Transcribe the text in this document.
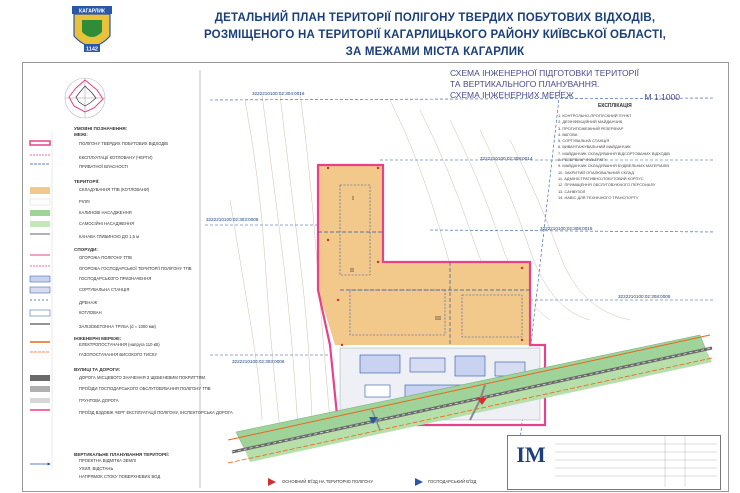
КАГАРЛИК
1142
ДЕТАЛЬНИЙ ПЛАН ТЕРИТОРІЇ ПОЛІГОНУ ТВЕРДИХ ПОБУТОВИХ ВІДХОДІВ,
РОЗМІЩЕНОГО НА ТЕРИТОРІЇ КАГАРЛИЦЬКОГО РАЙОНУ КИЇВСЬКОЇ ОБЛАСТІ,
ЗА МЕЖАМИ МІСТА КАГАРЛИК
I
II
III
3222210100:02:304:0016
3222210100:02:308:0014
3222210100:02:303:0008
3222210100:02:308:0015
3222210100:02:308:0005
3222210100:02:303:0006
СХЕМА ІНЖЕНЕРНОЇ ПІДГОТОВКИ ТЕРИТОРІЇ
ТА ВЕРТИКАЛЬНОГО ПЛАНУВАННЯ.
СХЕМА ІНЖЕНЕРНИХ МЕРЕЖ	М 1:1000
ЕКСПЛІКАЦІЯ
1. КОНТРОЛЬНО-ПРОПУСКНИЙ ПУНКТ
2. ДЕЗІНФЕКЦІЙНИЙ МАЙДАНЧИК
3. ПРОТИПОЖЕЖНИЙ РЕЗЕРВУАР
4. ВАГОВА
5. СОРТУВАЛЬНА СТАНЦІЯ
6. ВИВАНТАЖУВАЛЬНИЙ МАЙДАНЧИК
7. МАЙДАНЧИК СКЛАДУВАННЯ ВІДСОРТОВАНИХ ВІДХОДІВ
8. РЕЗЕРВУАР ФІЛЬТРАТУ
9. МАЙДАНЧИК СКЛАДУВАННЯ БУДІВЕЛЬНИХ МАТЕРІАЛІВ
10. ЗАКРИТИЙ ОПАЛЮВАЛЬНИЙ СКЛАД
11. АДМІНІСТРАТИВНО-ПОБУТОВИЙ КОРПУС
12. ПРИМІЩЕННЯ ОБСЛУГОВУЮЧОГО ПЕРСОНАЛУ
13. САНВУЗОЛ
14. НАВІС ДЛЯ ТЕХНІЧНОГО ТРАНСПОРТУ
УМОВНІ ПОЗНАЧЕННЯ:
МЕЖІ:
ПОЛІГОНУ ТВЕРДИХ ПОБУТОВИХ ВІДХОДІВ
ЕКСПЛУАТАЦІЇ КОТЛОВАНУ (ЧЕРГИ)
ПРИВАТНОЇ ВЛАСНОСТІ
ТЕРИТОРІЇ:
СКЛАДУВАННЯ ТПВ (КОТЛОВАНИ)
РІЛЛІ
КАЛИНОВІ НАСАДЖЕННЯ
САМОСІЙНІ НАСАДЖЕННЯ
КАНАВА ГЛИБИНОЮ ДО 1,5 м
СПОРУДИ:
ОГОРОЖА ПОЛІГОНУ ТПВ
ОГОРОЖА ГОСПОДАРСЬКОЇ ТЕРИТОРІЇ ПОЛІГОНУ ТПВ
ГОСПОДАРСЬКОГО ПРИЗНАЧЕННЯ
СОРТУВАЛЬНА СТАНЦІЯ
ДРЕНАЖ
КОТЛОВАН
ЗАЛІЗОБЕТОННА ТРУБА (d = 1000 мм)
ІНЖЕНЕРНІ МЕРЕЖІ:
ЕЛЕКТРОПОСТАЧАННЯ (напруга 110 кВ)
ГАЗОПОСТАЧАННЯ ВИСОКОГО ТИСКУ
ВУЛИЦІ ТА ДОРОГИ:
ДОРОГА МІСЦЕВОГО ЗНАЧЕННЯ З ЩЕБЕНЕВИМ ПОКРИТТЯМ
ПРОЇЗДИ ГОСПОДАРСЬКОГО ОБСЛУГОВУВАННЯ ПОЛІГОНУ ТПВ
ГРУНТОВА ДОРОГА
ПРОЇЗД ВЗДОВЖ ЧЕРГ ЕКСПЛУАТАЦІЇ ПОЛІГОНУ, ІНСПЕКТОРСЬКА ДОРОГА
ВЕРТИКАЛЬНЕ ПЛАНУВАННЯ ТЕРИТОРІЇ:
ПРОЕКТНА ВІДМІТКА ЗЕМЛІ
УХИЛ, ВІДСТАНЬ
НАПРЯМОК СТОКУ ПОВЕРХНЕВИХ ВОД
ОСНОВНИЙ В'ЇЗД НА ТЕРИТОРІЮ ПОЛІГОНУ	ГОСПОДАРСЬКИЙ В'ЇЗД
ІМ
